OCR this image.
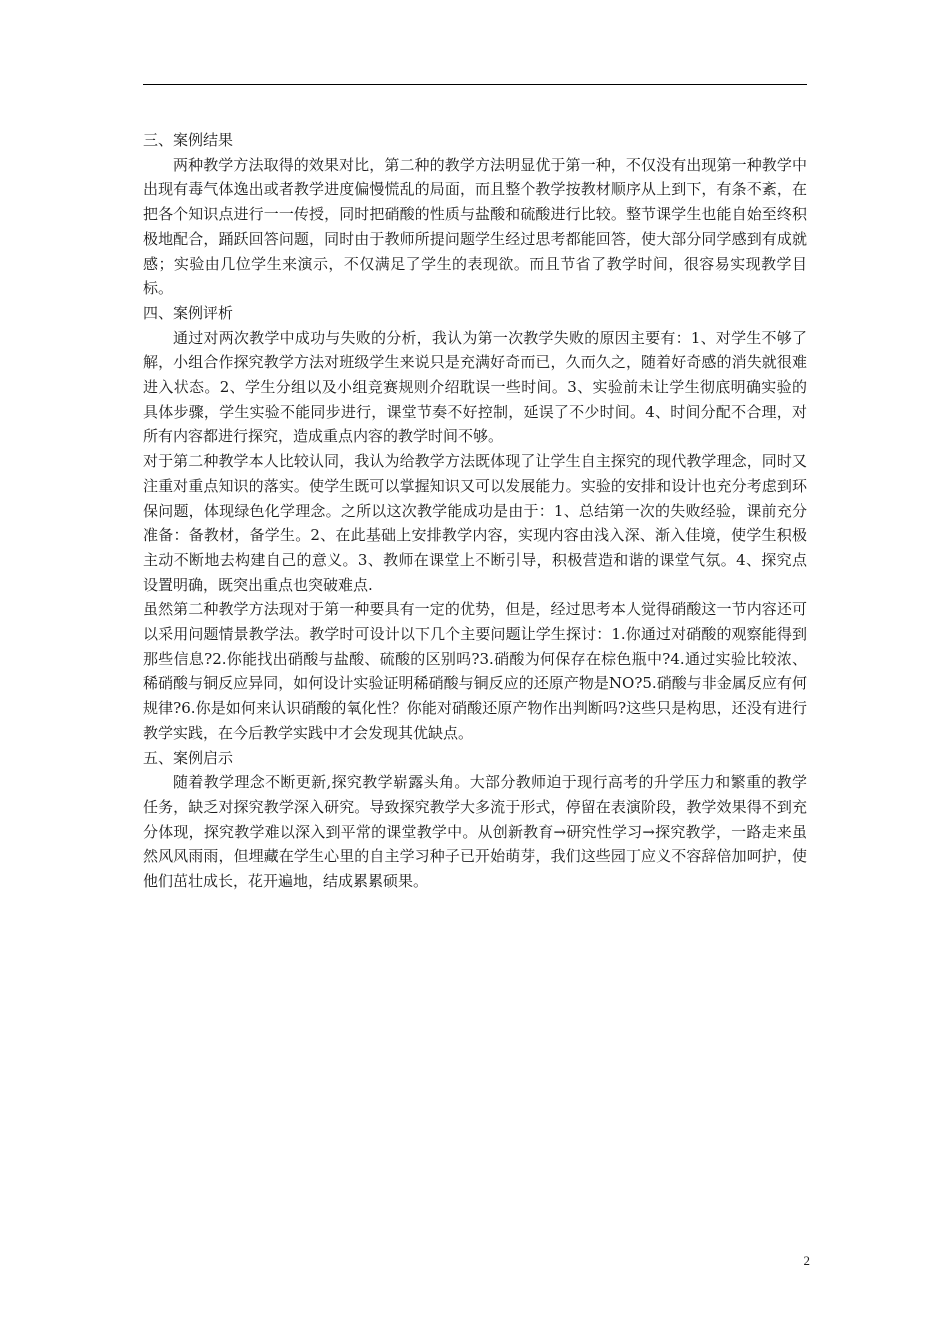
三、案例结果

两种教学方法取得的效果对比，第二种的教学方法明显优于第一种，不仅没有出现第一种教学中出现有毒气体逸出或者教学进度偏慢慌乱的局面，而且整个教学按教材顺序从上到下，有条不紊，在把各个知识点进行一一传授，同时把硝酸的性质与盐酸和硫酸进行比较。整节课学生也能自始至终积极地配合，踊跃回答问题，同时由于教师所提问题学生经过思考都能回答，使大部分同学感到有成就感；实验由几位学生来演示，不仅满足了学生的表现欲。而且节省了教学时间，很容易实现教学目标。

四、案例评析

通过对两次教学中成功与失败的分析，我认为第一次教学失败的原因主要有：1、对学生不够了解，小组合作探究教学方法对班级学生来说只是充满好奇而已，久而久之，随着好奇感的消失就很难进入状态。2、学生分组以及小组竞赛规则介绍耽误一些时间。3、实验前未让学生彻底明确实验的具体步骤，学生实验不能同步进行，课堂节奏不好控制，延误了不少时间。4、时间分配不合理，对所有内容都进行探究，造成重点内容的教学时间不够。

对于第二种教学本人比较认同，我认为给教学方法既体现了让学生自主探究的现代教学理念，同时又注重对重点知识的落实。使学生既可以掌握知识又可以发展能力。实验的安排和设计也充分考虑到环保问题，体现绿色化学理念。之所以这次教学能成功是由于：1、总结第一次的失败经验，课前充分准备：备教材，备学生。2、在此基础上安排教学内容，实现内容由浅入深、渐入佳境，使学生积极主动不断地去构建自己的意义。3、教师在课堂上不断引导，积极营造和谐的课堂气氛。4、探究点设置明确，既突出重点也突破难点.

虽然第二种教学方法现对于第一种要具有一定的优势，但是，经过思考本人觉得硝酸这一节内容还可以采用问题情景教学法。教学时可设计以下几个主要问题让学生探讨：1.你通过对硝酸的观察能得到那些信息?2.你能找出硝酸与盐酸、硫酸的区别吗?3.硝酸为何保存在棕色瓶中?4.通过实验比较浓、稀硝酸与铜反应异同，如何设计实验证明稀硝酸与铜反应的还原产物是NO?5.硝酸与非金属反应有何规律?6.你是如何来认识硝酸的氧化性？你能对硝酸还原产物作出判断吗?这些只是构思，还没有进行教学实践，在今后教学实践中才会发现其优缺点。

五、案例启示

随着教学理念不断更新,探究教学崭露头角。大部分教师迫于现行高考的升学压力和繁重的教学任务，缺乏对探究教学深入研究。导致探究教学大多流于形式，停留在表演阶段，教学效果得不到充分体现，探究教学难以深入到平常的课堂教学中。从创新教育→研究性学习→探究教学，一路走来虽然风风雨雨，但埋藏在学生心里的自主学习种子已开始萌芽，我们这些园丁应义不容辞倍加呵护，使他们茁壮成长，花开遍地，结成累累硕果。

2
